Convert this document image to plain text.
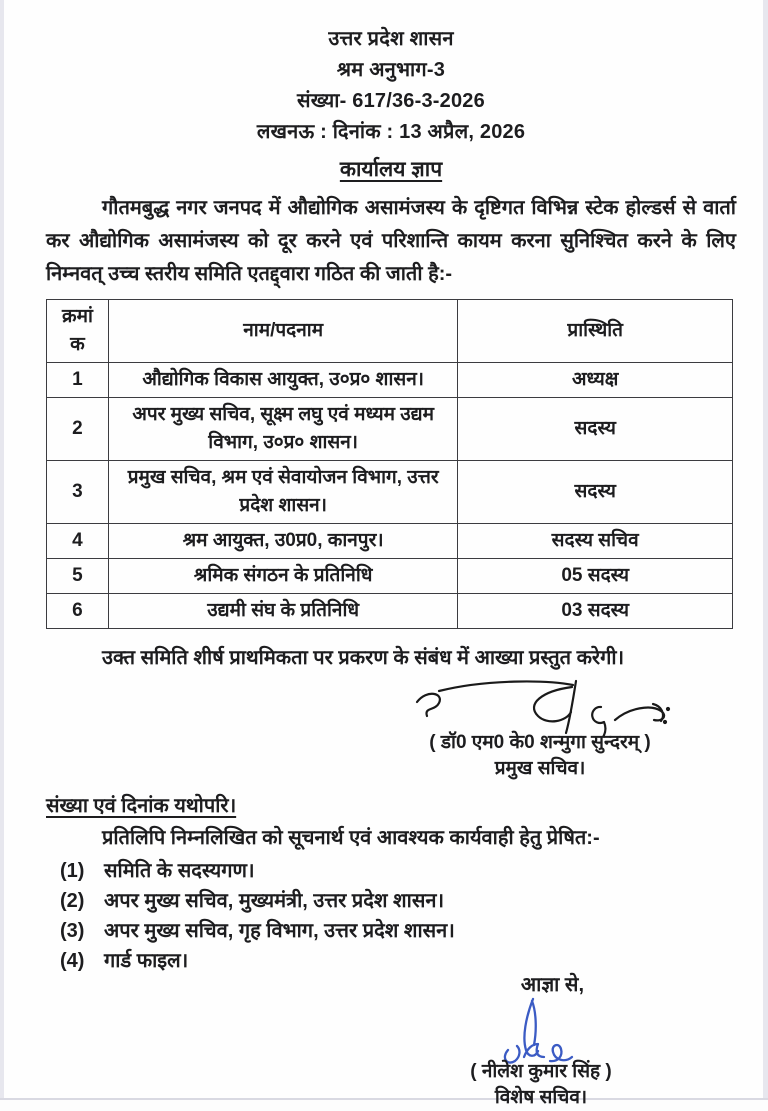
उत्तर प्रदेश शासन
श्रम अनुभाग-3
संख्या- 617/36-3-2026
लखनऊ : दिनांक : 13 अप्रैल, 2026
कार्यालय ज्ञाप

गौतमबुद्ध नगर जनपद में औद्योगिक असामंजस्य के दृष्टिगत विभिन्न स्टेक होल्डर्स से वार्ता कर औद्योगिक असामंजस्य को दूर करने एवं परिशान्ति कायम करना सुनिश्चित करने के लिए निम्नवत् उच्च स्तरीय समिति एतद्द्वारा गठित की जाती है:-

क्रमांक	नाम/पदनाम	प्रास्थिति
1	औद्योगिक विकास आयुक्त, उ०प्र० शासन।	अध्यक्ष
2	अपर मुख्य सचिव, सूक्ष्म लघु एवं मध्यम उद्यम विभाग, उ०प्र० शासन।	सदस्य
3	प्रमुख सचिव, श्रम एवं सेवायोजन विभाग, उत्तर प्रदेश शासन।	सदस्य
4	श्रम आयुक्त, उ0प्र0, कानपुर।	सदस्य सचिव
5	श्रमिक संगठन के प्रतिनिधि	05 सदस्य
6	उद्यमी संघ के प्रतिनिधि	03 सदस्य

उक्त समिति शीर्ष प्राथमिकता पर प्रकरण के संबंध में आख्या प्रस्तुत करेगी।

( डॉ0 एम0 के0 शन्मुगा सुन्दरम् )
प्रमुख सचिव।
संख्या एवं दिनांक यथोपरि।

प्रतिलिपि निम्नलिखित को सूचनार्थ एवं आवश्यक कार्यवाही हेतु प्रेषित:-

(1) समिति के सदस्यगण।
(2) अपर मुख्य सचिव, मुख्यमंत्री, उत्तर प्रदेश शासन।
(3) अपर मुख्य सचिव, गृह विभाग, उत्तर प्रदेश शासन।
(4) गार्ड फाइल।
आज्ञा से,
( नीलेश कुमार सिंह )
विशेष सचिव।
